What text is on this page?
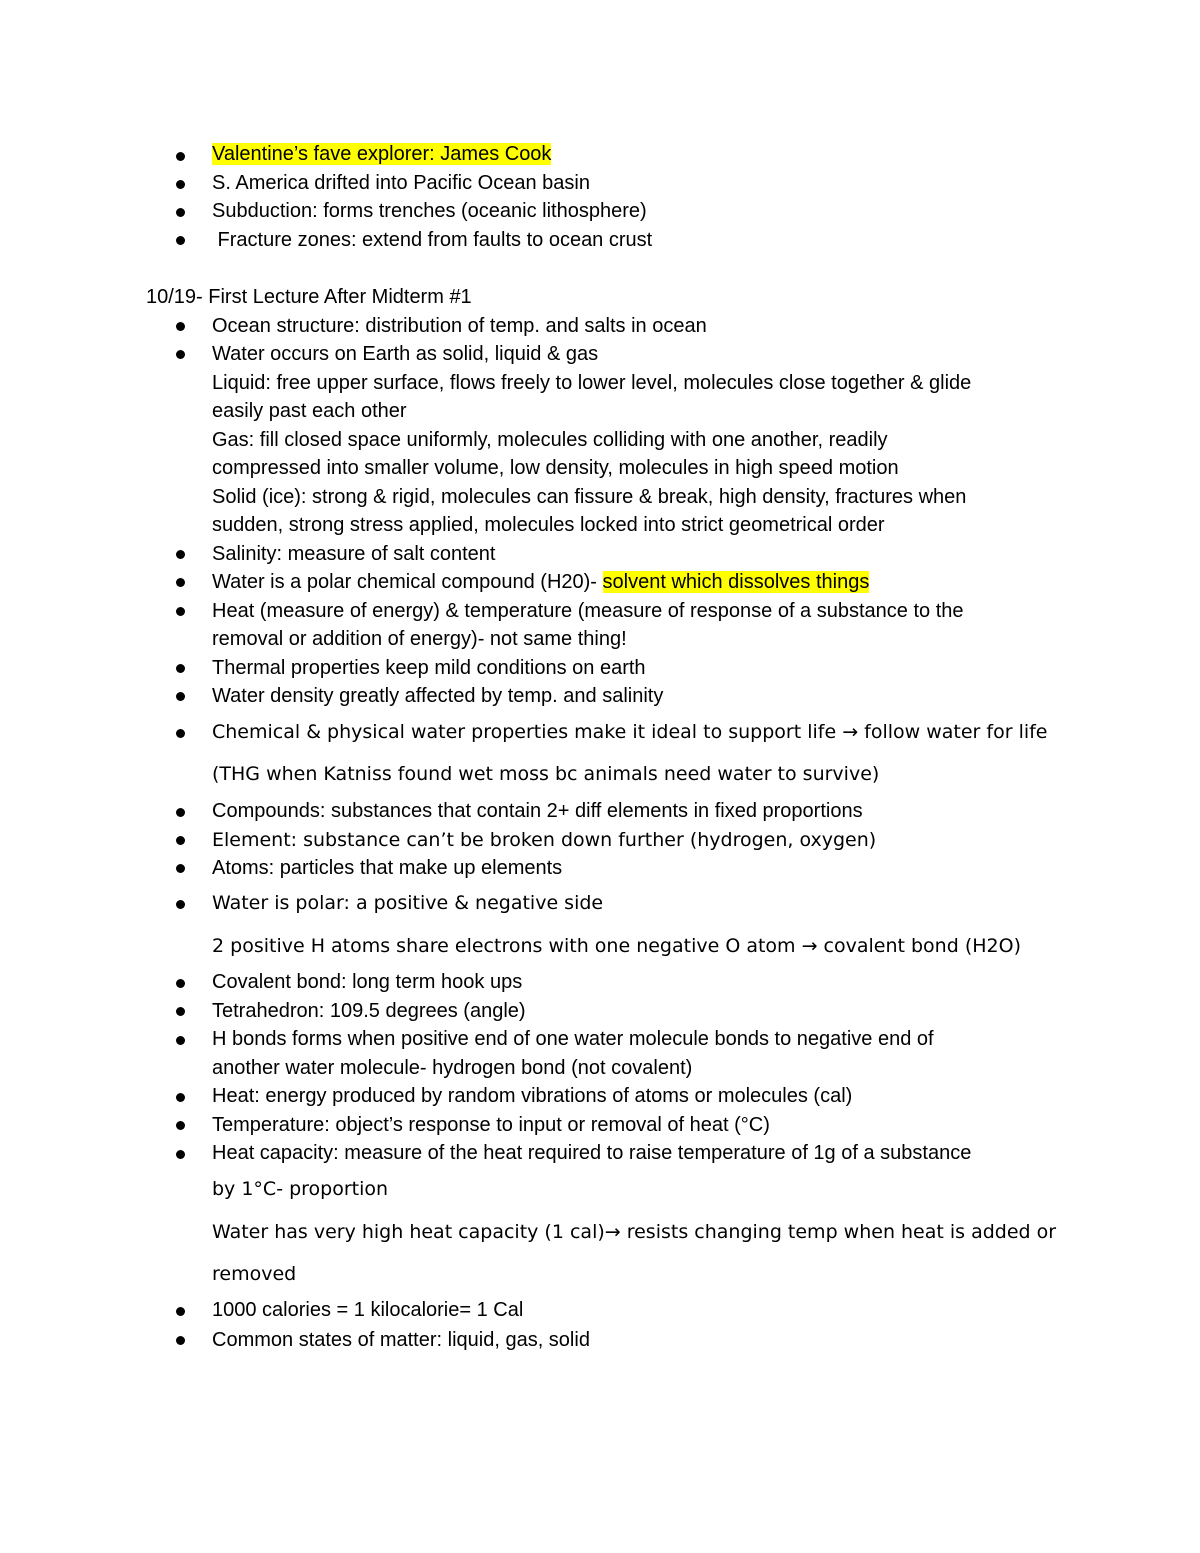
Valentine’s fave explorer: James Cook
S. America drifted into Pacific Ocean basin
Subduction: forms trenches (oceanic lithosphere)
Fracture zones: extend from faults to ocean crust
10/19- First Lecture After Midterm #1
Ocean structure: distribution of temp. and salts in ocean
Water occurs on Earth as solid, liquid & gas
Liquid: free upper surface, flows freely to lower level, molecules close together & glide
easily past each other
Gas: fill closed space uniformly, molecules colliding with one another, readily
compressed into smaller volume, low density, molecules in high speed motion
Solid (ice): strong & rigid, molecules can fissure & break, high density, fractures when
sudden, strong stress applied, molecules locked into strict geometrical order
Salinity: measure of salt content
Water is a polar chemical compound (H20)- solvent which dissolves things
Heat (measure of energy) & temperature (measure of response of a substance to the
removal or addition of energy)- not same thing!
Thermal properties keep mild conditions on earth
Water density greatly affected by temp. and salinity
Chemical & physical water properties make it ideal to support life → follow water for life
(THG when Katniss found wet moss bc animals need water to survive)
Compounds: substances that contain 2+ diff elements in fixed proportions
Element: substance can’t be broken down further (hydrogen, oxygen)
Atoms: particles that make up elements
Water is polar: a positive & negative side
2 positive H atoms share electrons with one negative O atom → covalent bond (H2O)
Covalent bond: long term hook ups
Tetrahedron: 109.5 degrees (angle)
H bonds forms when positive end of one water molecule bonds to negative end of
another water molecule- hydrogen bond (not covalent)
Heat: energy produced by random vibrations of atoms or molecules (cal)
Temperature: object’s response to input or removal of heat (°C)
Heat capacity: measure of the heat required to raise temperature of 1g of a substance
by 1°C- proportion
Water has very high heat capacity (1 cal)→ resists changing temp when heat is added or
removed
1000 calories = 1 kilocalorie= 1 Cal
Common states of matter: liquid, gas, solid
